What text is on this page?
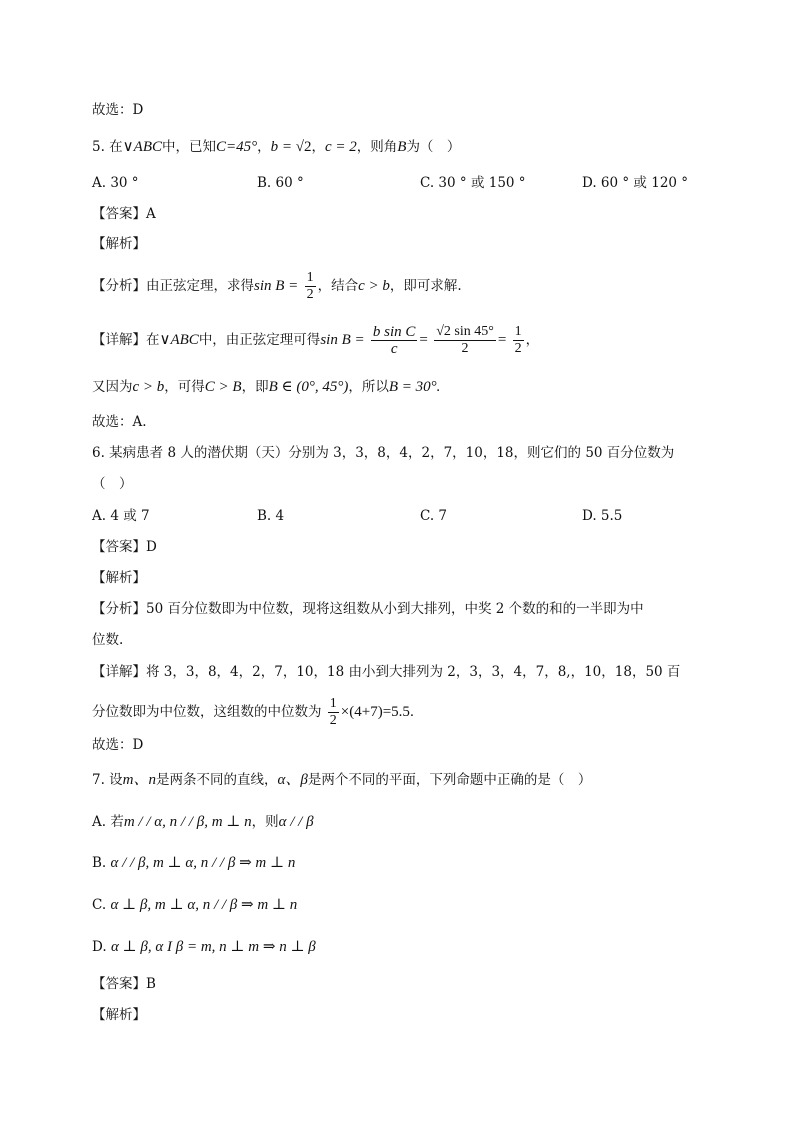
故选：D
5. 在∨ABC中，已知C=45°，b = √2，c = 2，则角B为（　）
A. 30 °	B. 60 °	C. 30 ° 或 150 °	D. 60 ° 或 120 °
【答案】A
【解析】
【分析】由正弦定理，求得$\sin B = \frac{1}{2}$ ，结合c > b，即可求解.
【详解】在∨ABC中，由正弦定理可得$\sin B = \frac{\text{b sin C}}{c} = \frac{√2 \sin 45^\circ}{2} = \frac{1}{2}$ ，
又因为c > b，可得C > B，即B ∈ (0°, 45°)，所以B = 30°.
故选：A.
6. 某病患者 8 人的潜伏期（天）分别为 3，3，8，4，2，7，10，18，则它们的 50 百分位数为
（　）
A. 4 或 7	B. 4	C. 7	D. 5.5
【答案】D
【解析】
【分析】50 百分位数即为中位数，现将这组数从小到大排列，中奖 2 个数的和的一半即为中
位数.
【详解】将 3，3，8，4，2，7，10，18 由小到大排列为 2，3，3，4，7，8,，10，18，50 百
分位数即为中位数，这组数的中位数为 $\frac{1}{2} \times(4+7)=5.5$．
故选：D
7. 设m、n是两条不同的直线，α、β是两个不同的平面，下列命题中正确的是（　）
A. 若m / / α, n / / β, m ⊥ n，则α / / β
B. α / / β, m ⊥ α, n / / β ⇒ m ⊥ n
C. α ⊥ β, m ⊥ α, n / / β ⇒ m ⊥ n
D. α ⊥ β, α I β = m, n ⊥ m ⇒ n ⊥ β
【答案】B
【解析】
